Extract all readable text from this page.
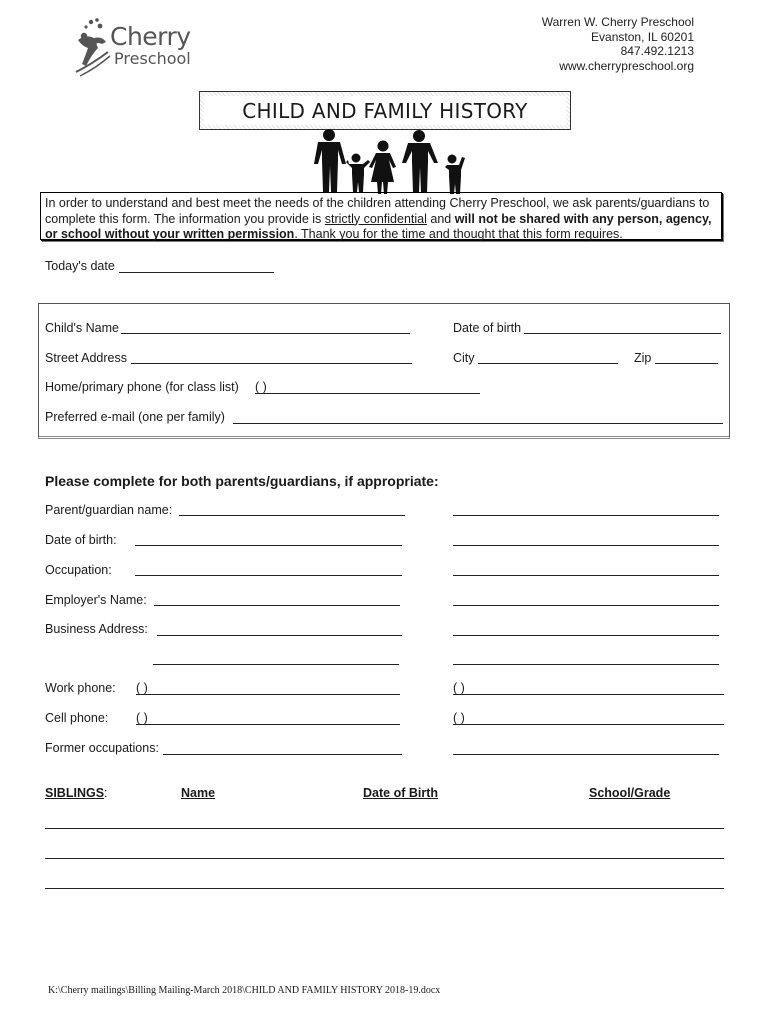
Cherry
Preschool
Warren W. Cherry Preschool
Evanston, IL 60201
847.492.1213
www.cherrypreschool.org
CHILD AND FAMILY HISTORY
In order to understand and best meet the needs of the children attending Cherry Preschool, we ask parents/guardians to complete this form. The information you provide is strictly confidential and will not be shared with any person, agency, or school without your written permission. Thank you for the time and thought that this form requires.
Today's date
Child's Name	Date of birth
Street Address	City	Zip
Home/primary phone (for class list) ( )
Preferred e-mail (one per family)
Please complete for both parents/guardians, if appropriate:
Parent/guardian name:
Date of birth:
Occupation:
Employer's Name:
Business Address:
Work phone: ( )	( )
Cell phone: ( )	( )
Former occupations:
SIBLINGS:	Name	Date of Birth	School/Grade
K:\Cherry mailings\Billing Mailing-March 2018\CHILD AND FAMILY HISTORY 2018-19.docx
